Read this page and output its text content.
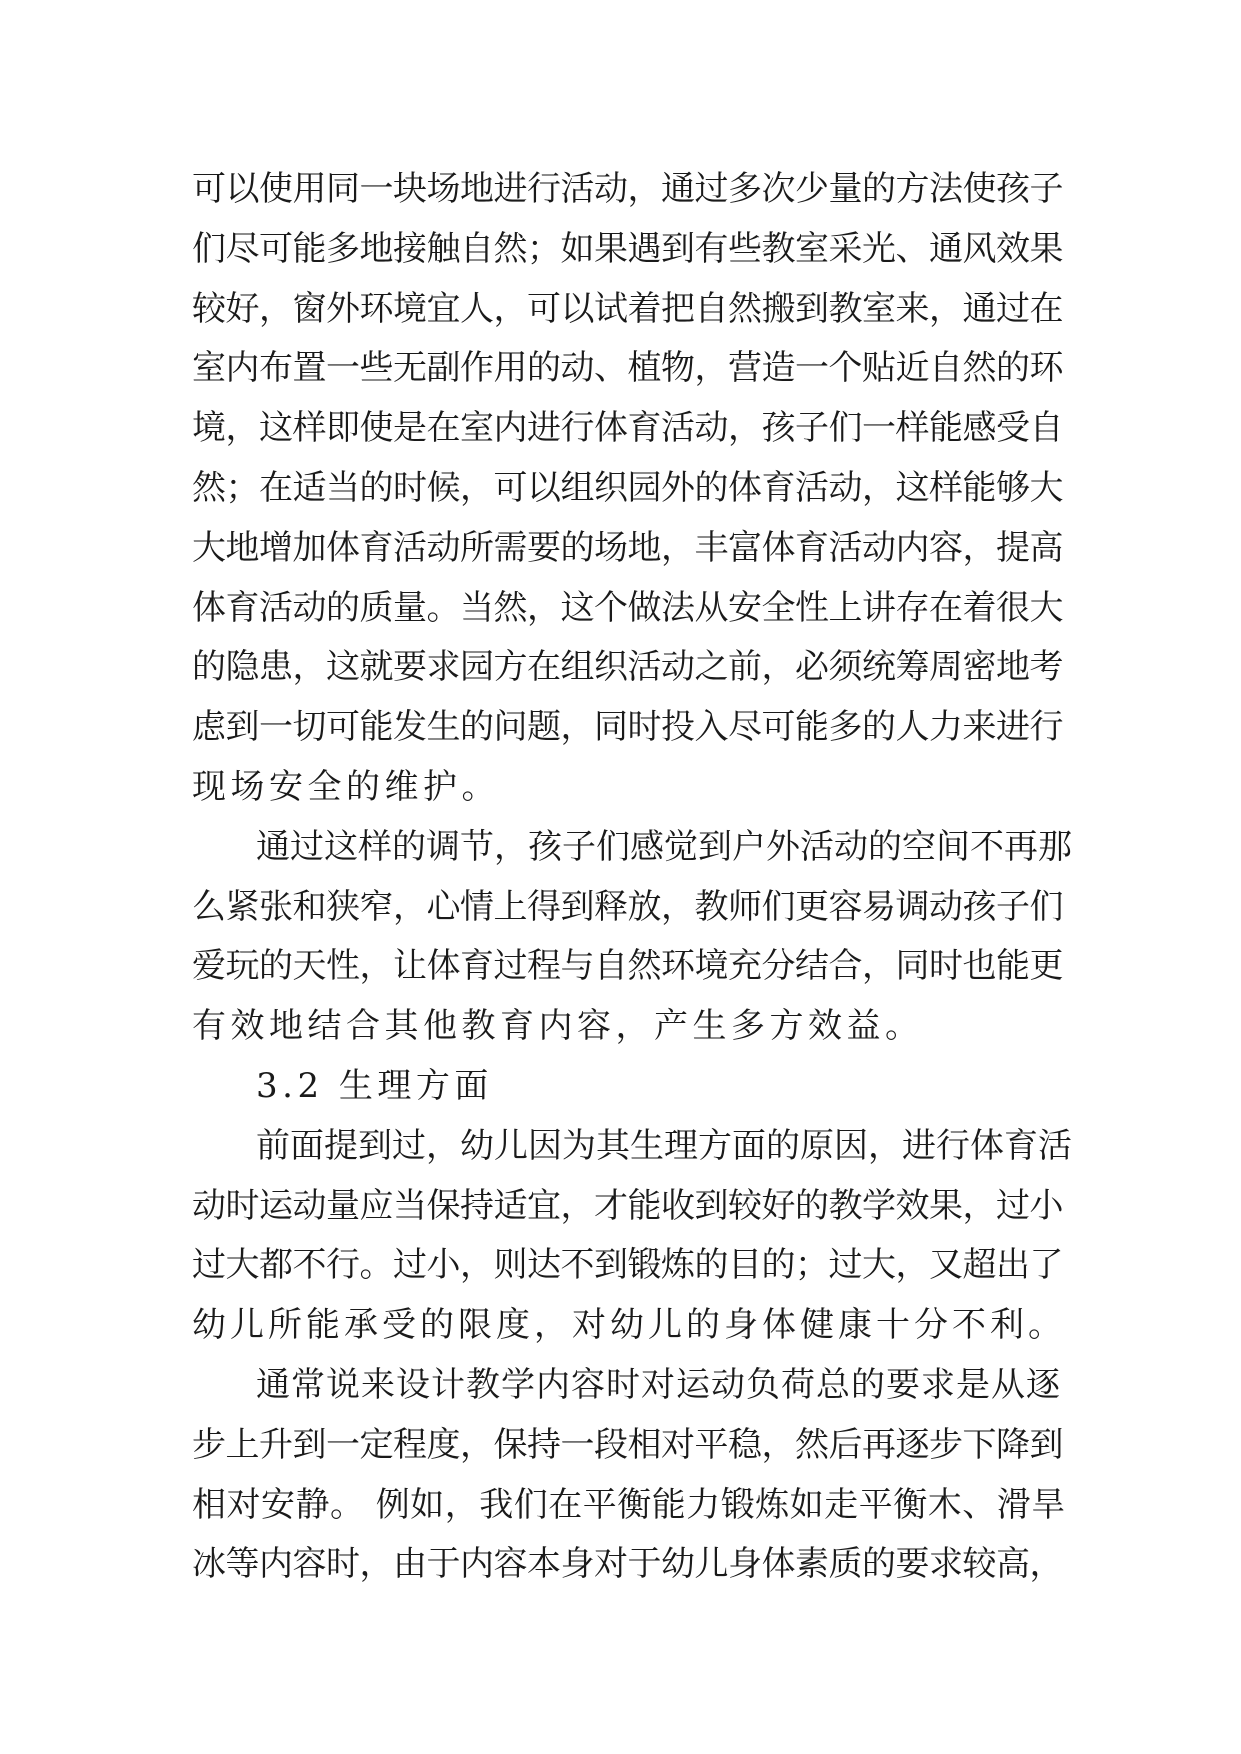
可以使用同一块场地进行活动，通过多次少量的方法使孩子
们尽可能多地接触自然；如果遇到有些教室采光、通风效果
较好，窗外环境宜人，可以试着把自然搬到教室来，通过在
室内布置一些无副作用的动、植物，营造一个贴近自然的环
境，这样即使是在室内进行体育活动，孩子们一样能感受自
然；在适当的时候，可以组织园外的体育活动，这样能够大
大地增加体育活动所需要的场地，丰富体育活动内容，提高
体育活动的质量。当然，这个做法从安全性上讲存在着很大
的隐患，这就要求园方在组织活动之前，必须统筹周密地考
虑到一切可能发生的问题，同时投入尽可能多的人力来进行
现场安全的维护。
通过这样的调节，孩子们感觉到户外活动的空间不再那
么紧张和狭窄，心情上得到释放，教师们更容易调动孩子们
爱玩的天性，让体育过程与自然环境充分结合，同时也能更
有效地结合其他教育内容，产生多方效益。
3.2 生理方面
前面提到过，幼儿因为其生理方面的原因，进行体育活
动时运动量应当保持适宜，才能收到较好的教学效果，过小
过大都不行。过小，则达不到锻炼的目的；过大，又超出了
幼儿所能承受的限度，对幼儿的身体健康十分不利。
通常说来设计教学内容时对运动负荷总的要求是从逐
步上升到一定程度，保持一段相对平稳，然后再逐步下降到
相对安静。 例如，我们在平衡能力锻炼如走平衡木、滑旱
冰等内容时，由于内容本身对于幼儿身体素质的要求较高，
